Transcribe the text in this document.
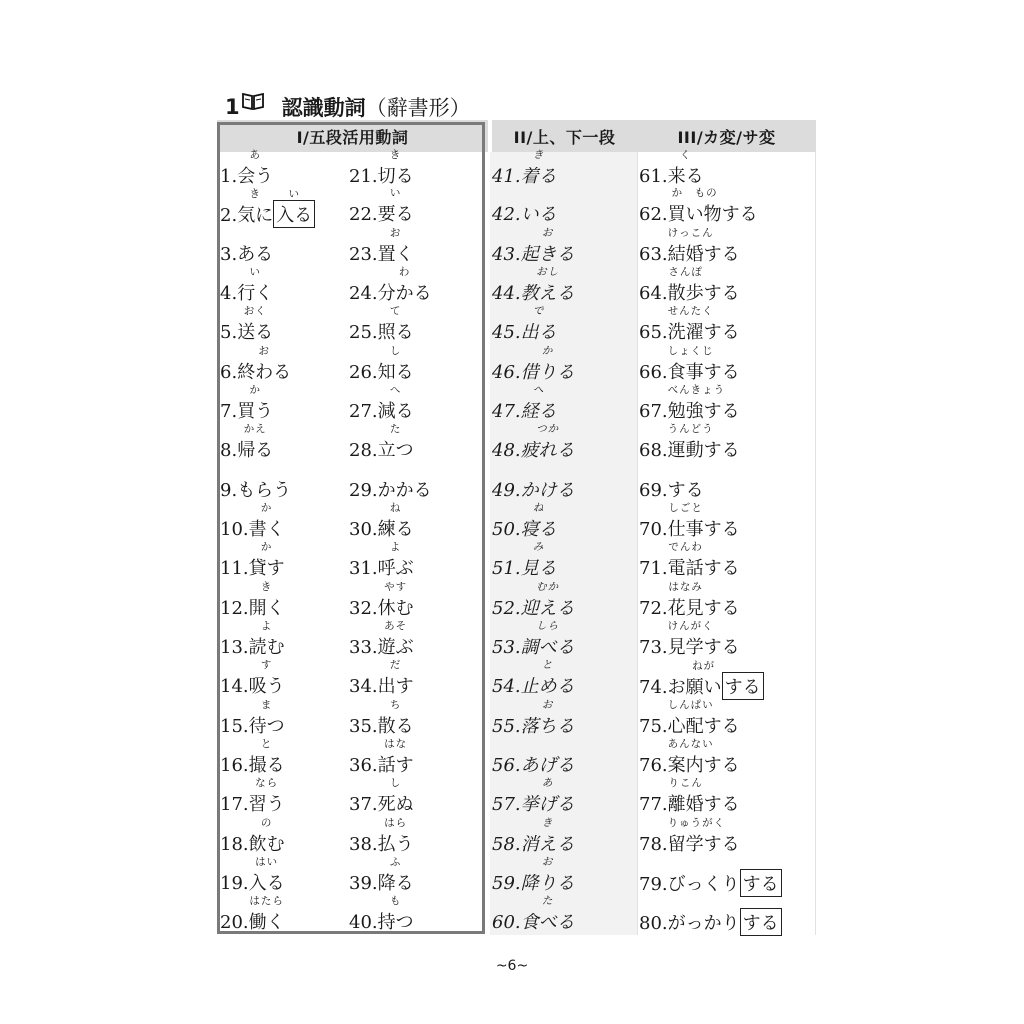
1 認識動詞 （辭書形）
I/五段活用動詞	II/上、下一段	III/カ変/サ変
1.
あ
会う
2.
き
気に
い
入る
3.ある
4.
い
行く
5.
おく
送る
6.
お
終わる
7.
か
買う
8.
かえ
帰る
9.もらう
10.
か
書く
11.
か
貸す
12.
き
開く
13.
よ
読む
14.
す
吸う
15.
ま
待つ
16.
と
撮る
17.
なら
習う
18.
の
飲む
19.
はい
入る
20.
はたら
働く
21.
き
切る
22.
い
要る
23.
お
置く
24.
わ
分かる
25.
て
照る
26.
し
知る
27.
へ
減る
28.
た
立つ
29.かかる
30.
ね
練る
31.
よ
呼ぶ
32.
やす
休む
33.
あそ
遊ぶ
34.
だ
出す
35.
ち
散る
36.
はな
話す
37.
し
死ぬ
38.
はら
払う
39.
ふ
降る
40.
も
持つ
41.
き
着る
42.いる
43.
お
起きる
44.
おし
教える
45.
で
出る
46.
か
借りる
47.
へ
経る
48.
つか
疲れる
49.かける
50.
ね
寝る
51.
み
見る
52.
むか
迎える
53.
しら
調べる
54.
と
止める
55.
お
落ちる
56.あげる
57.
あ
挙げる
58.
き
消える
59.
お
降りる
60.
た
食べる
61.
く
来る
62.
か　もの
買い物する
63.
けっこん
結婚する
64.
さんぽ
散歩する
65.
せんたく
洗濯する
66.
しょくじ
食事する
67.
べんきょう
勉強する
68.
うんどう
運動する
69.する
70.
しごと
仕事する
71.
でんわ
電話する
72.
はなみ
花見する
73.
けんがく
見学する
74.お
ねが
願い する
75.
しんぱい
心配する
76.
あんない
案内する
77.
りこん
離婚する
78.
りゅうがく
留学する
79.びっくり する
80.がっかり する
~6~
